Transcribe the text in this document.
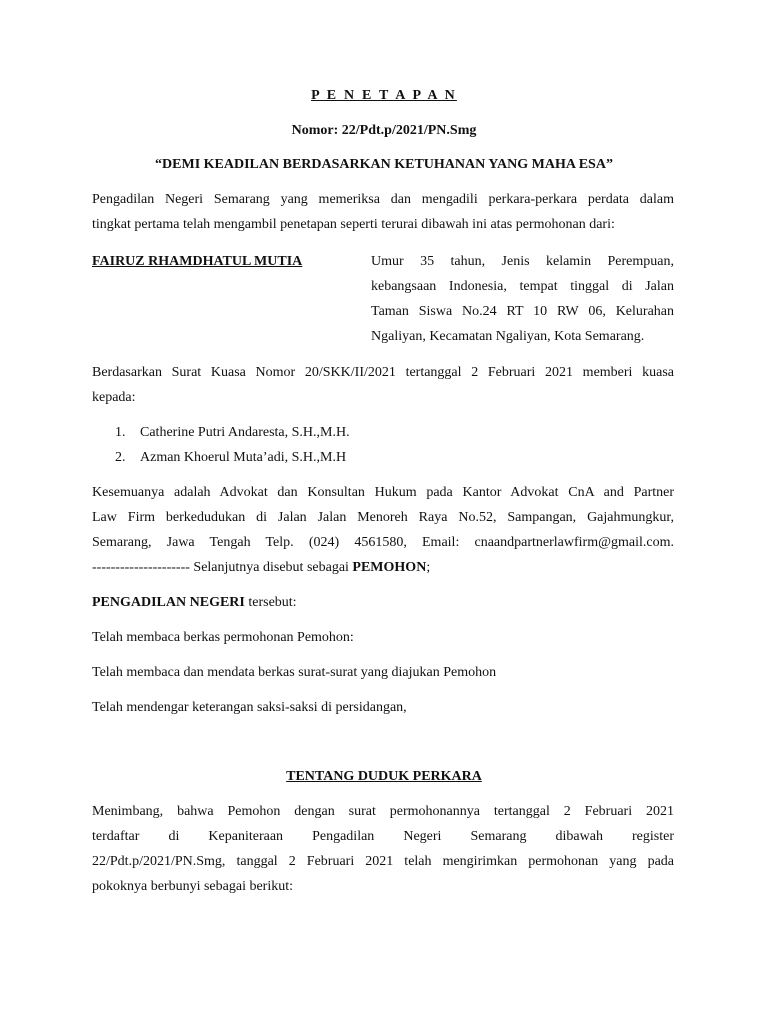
P E N E T A P A N
Nomor: 22/Pdt.p/2021/PN.Smg
“DEMI KEADILAN BERDASARKAN KETUHANAN YANG MAHA ESA”
Pengadilan Negeri Semarang yang memeriksa dan mengadili perkara-perkara perdata dalam
tingkat pertama telah mengambil penetapan seperti terurai dibawah ini atas permohonan dari:
FAIRUZ RHAMDHATUL MUTIA	Umur 35 tahun, Jenis kelamin Perempuan,
kebangsaan Indonesia, tempat tinggal di Jalan
Taman Siswa No.24 RT 10 RW 06, Kelurahan
Ngaliyan, Kecamatan Ngaliyan, Kota Semarang.
Berdasarkan Surat Kuasa Nomor 20/SKK/II/2021 tertanggal 2 Februari 2021 memberi kuasa
kepada:
1. Catherine Putri Andaresta, S.H.,M.H.
2. Azman Khoerul Muta’adi, S.H.,M.H
Kesemuanya adalah Advokat dan Konsultan Hukum pada Kantor Advokat CnA and Partner
Law Firm berkedudukan di Jalan Jalan Menoreh Raya No.52, Sampangan, Gajahmungkur,
Semarang, Jawa Tengah Telp. (024) 4561580, Email: cnaandpartnerlawfirm@gmail.com.
--------------------- Selanjutnya disebut sebagai PEMOHON;
PENGADILAN NEGERI tersebut:
Telah membaca berkas permohonan Pemohon:
Telah membaca dan mendata berkas surat-surat yang diajukan Pemohon
Telah mendengar keterangan saksi-saksi di persidangan,
TENTANG DUDUK PERKARA
Menimbang, bahwa Pemohon dengan surat permohonannya tertanggal 2 Februari 2021
terdaftar di Kepaniteraan Pengadilan Negeri Semarang dibawah register
22/Pdt.p/2021/PN.Smg, tanggal 2 Februari 2021 telah mengirimkan permohonan yang pada
pokoknya berbunyi sebagai berikut:
